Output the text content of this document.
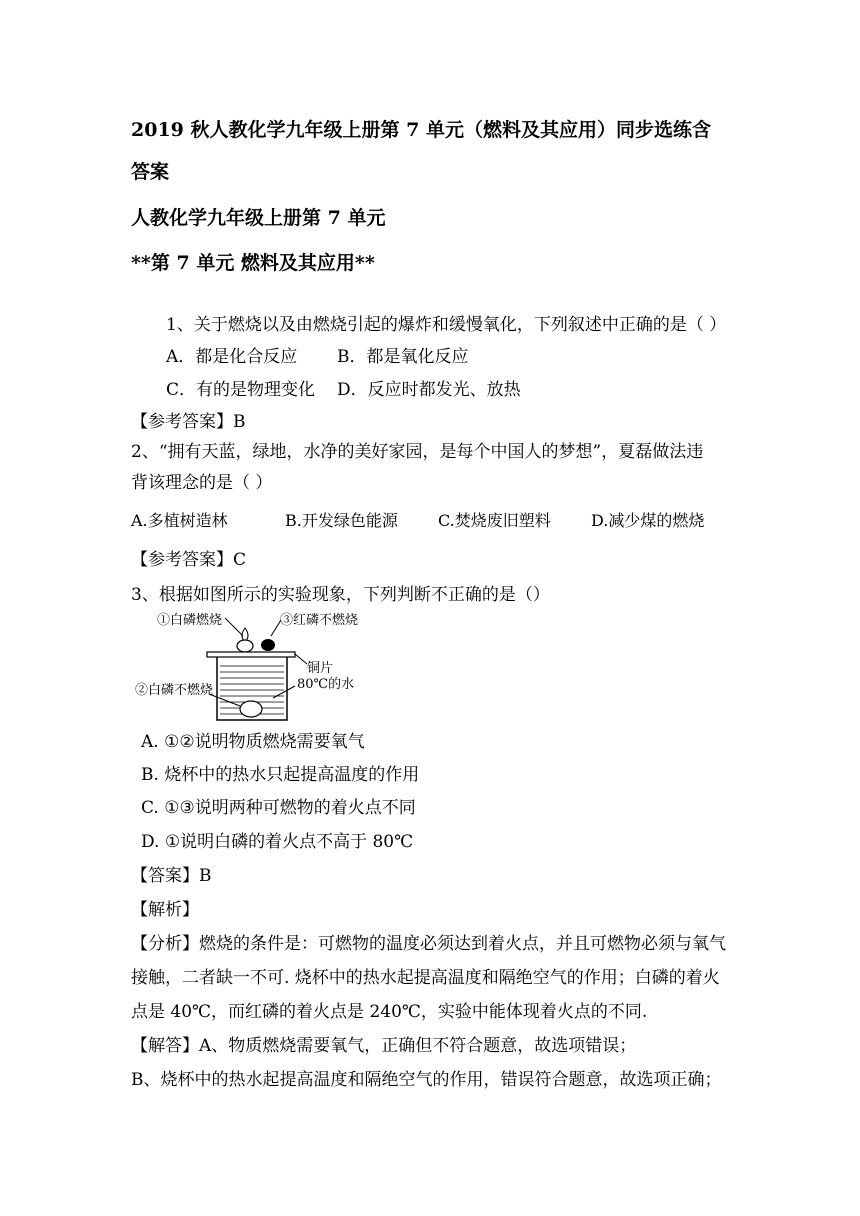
2019 秋人教化学九年级上册第 7 单元（燃料及其应用）同步选练含
答案
人教化学九年级上册第 7 单元
**第 7 单元 燃料及其应用**
1、关于燃烧以及由燃烧引起的爆炸和缓慢氧化，下列叙述中正确的是（ ）
A．都是化合反应 B．都是氧化反应
C．有的是物理变化 D．反应时都发光、放热
【参考答案】B
2、“拥有天蓝，绿地，水净的美好家园，是每个中国人的梦想”，夏磊做法违
背该理念的是（ ）
A.多植树造林	B.开发绿色能源	C.焚烧废旧塑料	D.减少煤的燃烧
【参考答案】C
3、根据如图所示的实验现象，下列判断不正确的是（）
①白磷燃烧	③红磷不燃烧
铜片
②白磷不燃烧	80℃的水
A. ①②说明物质燃烧需要氧气
B. 烧杯中的热水只起提高温度的作用
C. ①③说明两种可燃物的着火点不同
D. ①说明白磷的着火点不高于 80℃
【答案】B
【解析】
【分析】燃烧的条件是：可燃物的温度必须达到着火点，并且可燃物必须与氧气
接触，二者缺一不可. 烧杯中的热水起提高温度和隔绝空气的作用；白磷的着火
点是 40℃，而红磷的着火点是 240℃，实验中能体现着火点的不同.
【解答】A、物质燃烧需要氧气，正确但不符合题意，故选项错误；
B、烧杯中的热水起提高温度和隔绝空气的作用，错误符合题意，故选项正确；
